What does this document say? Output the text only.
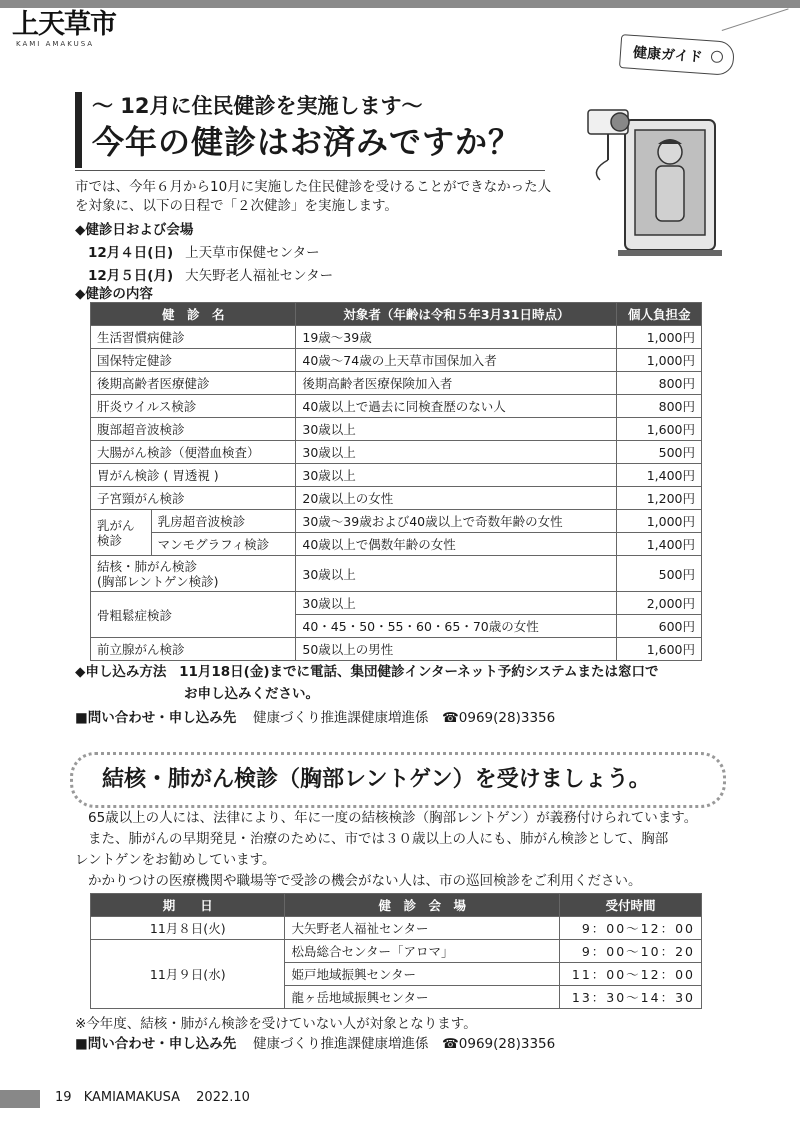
上天草市
KAMI AMAKUSA
健康ガイド
〜 12月に住民健診を実施します〜
今年の健診はお済みですか？
市では、今年６月から10月に実施した住民健診を受けることができなかった人
を対象に、以下の日程で「２次健診」を実施します。
◆健診日および会場
12月４日(日) 上天草市保健センター
12月５日(月) 大矢野老人福祉センター
◆健診の内容
健　診　名		対象者（年齢は令和５年3月31日時点）	個人負担金
生活習慣病健診		19歳〜39歳	1,000円
国保特定健診		40歳〜74歳の上天草市国保加入者	1,000円
後期高齢者医療健診		後期高齢者医療保険加入者	800円
肝炎ウイルス検診		40歳以上で過去に同検査歴のない人	800円
腹部超音波検診		30歳以上	1,600円
大腸がん検診（便潜血検査）		30歳以上	500円
胃がん検診 ( 胃透視 )		30歳以上	1,400円
子宮頸がん検診		20歳以上の女性	1,200円
乳がん検診	乳房超音波検診	30歳〜39歳および40歳以上で奇数年齢の女性	1,000円
	マンモグラフィ検診	40歳以上で偶数年齢の女性	1,400円
結核・肺がん検診
(胸部レントゲン検診)		30歳以上	500円
骨粗鬆症検診		30歳以上	2,000円
		40・45・50・55・60・65・70歳の女性	600円
前立腺がん検診		50歳以上の男性	1,600円
◆申し込み方法 11月18日(金)までに電話、集団健診インターネット予約システムまたは窓口で
お申し込みください。
■問い合わせ・申し込み先 健康づくり推進課健康増進係　☎0969(28)3356
結核・肺がん検診（胸部レントゲン）を受けましょう。
65歳以上の人には、法律により、年に一度の結核検診（胸部レントゲン）が義務付けられています。
また、肺がんの早期発見・治療のために、市では３０歳以上の人にも、肺がん検診として、胸部
レントゲンをお勧めしています。
かかりつけの医療機関や職場等で受診の機会がない人は、市の巡回検診をご利用ください。
期　　日	健　診　会　場	受付時間
11月８日(火)	大矢野老人福祉センター	9：00〜12：00
11月９日(水)	松島総合センター「アロマ」	9：00〜10：20
	姫戸地域振興センター	11：00〜12：00
	龍ヶ岳地域振興センター	13：30〜14：30
※今年度、結核・肺がん検診を受けていない人が対象となります。
■問い合わせ・申し込み先 健康づくり推進課健康増進係　☎0969(28)3356
19 KAMIAMAKUSA 2022.10
